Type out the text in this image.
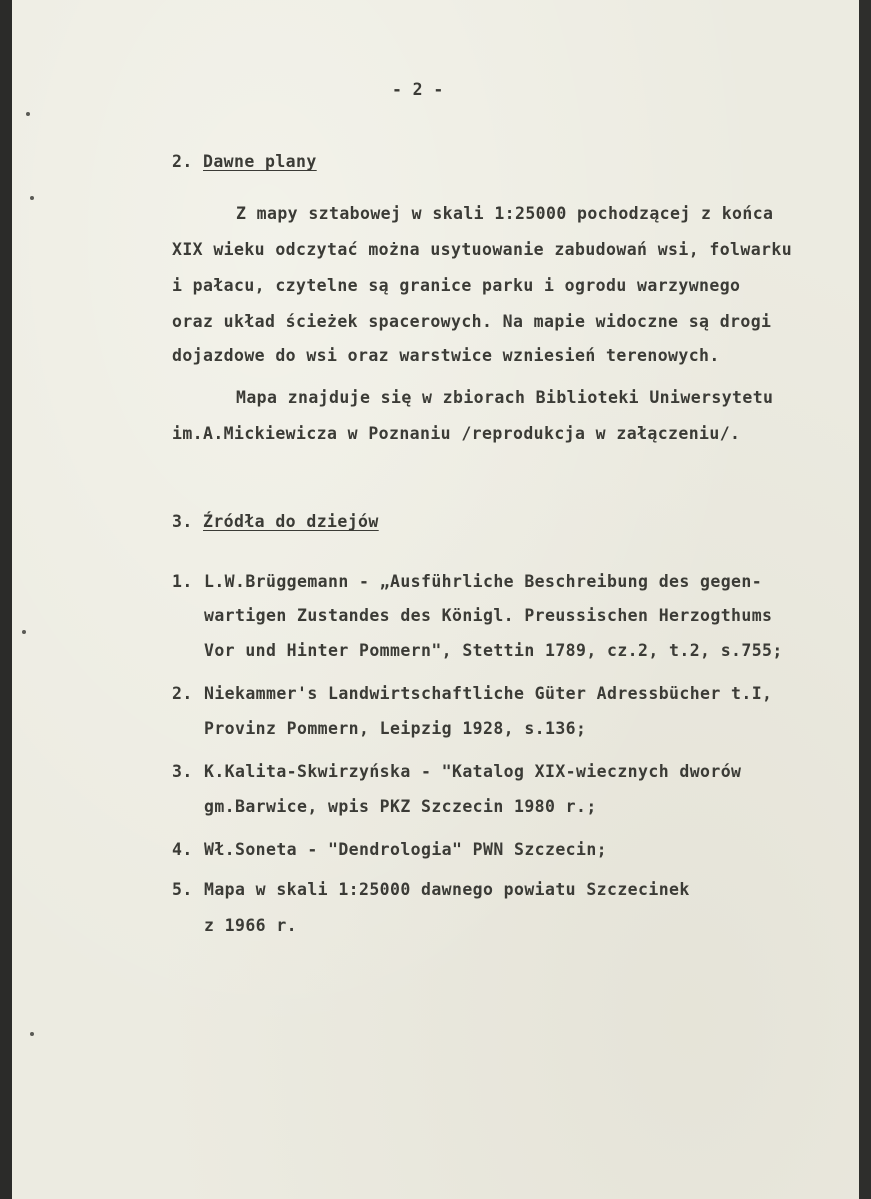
- 2 -
2. Dawne plany
Z mapy sztabowej w skali 1:25000 pochodzącej z końca
XIX wieku odczytać można usytuowanie zabudowań wsi, folwarku
i pałacu, czytelne są granice parku i ogrodu warzywnego
oraz układ ścieżek spacerowych. Na mapie widoczne są drogi
dojazdowe do wsi oraz warstwice wzniesień terenowych.
Mapa znajduje się w zbiorach Biblioteki Uniwersytetu
im.A.Mickiewicza w Poznaniu /reprodukcja w załączeniu/.
3. Źródła do dziejów
1. L.W.Brüggemann - „Ausführliche Beschreibung des gegen-
wartigen Zustandes des Königl. Preussischen Herzogthums
Vor und Hinter Pommern", Stettin 1789, cz.2, t.2, s.755;
2. Niekammer's Landwirtschaftliche Güter Adressbücher t.I,
Provinz Pommern, Leipzig 1928, s.136;
3. K.Kalita-Skwirzyńska - "Katalog XIX-wiecznych dworów
gm.Barwice, wpis PKZ Szczecin 1980 r.;
4. Wł.Soneta - "Dendrologia" PWN Szczecin;
5. Mapa w skali 1:25000 dawnego powiatu Szczecinek
z 1966 r.
